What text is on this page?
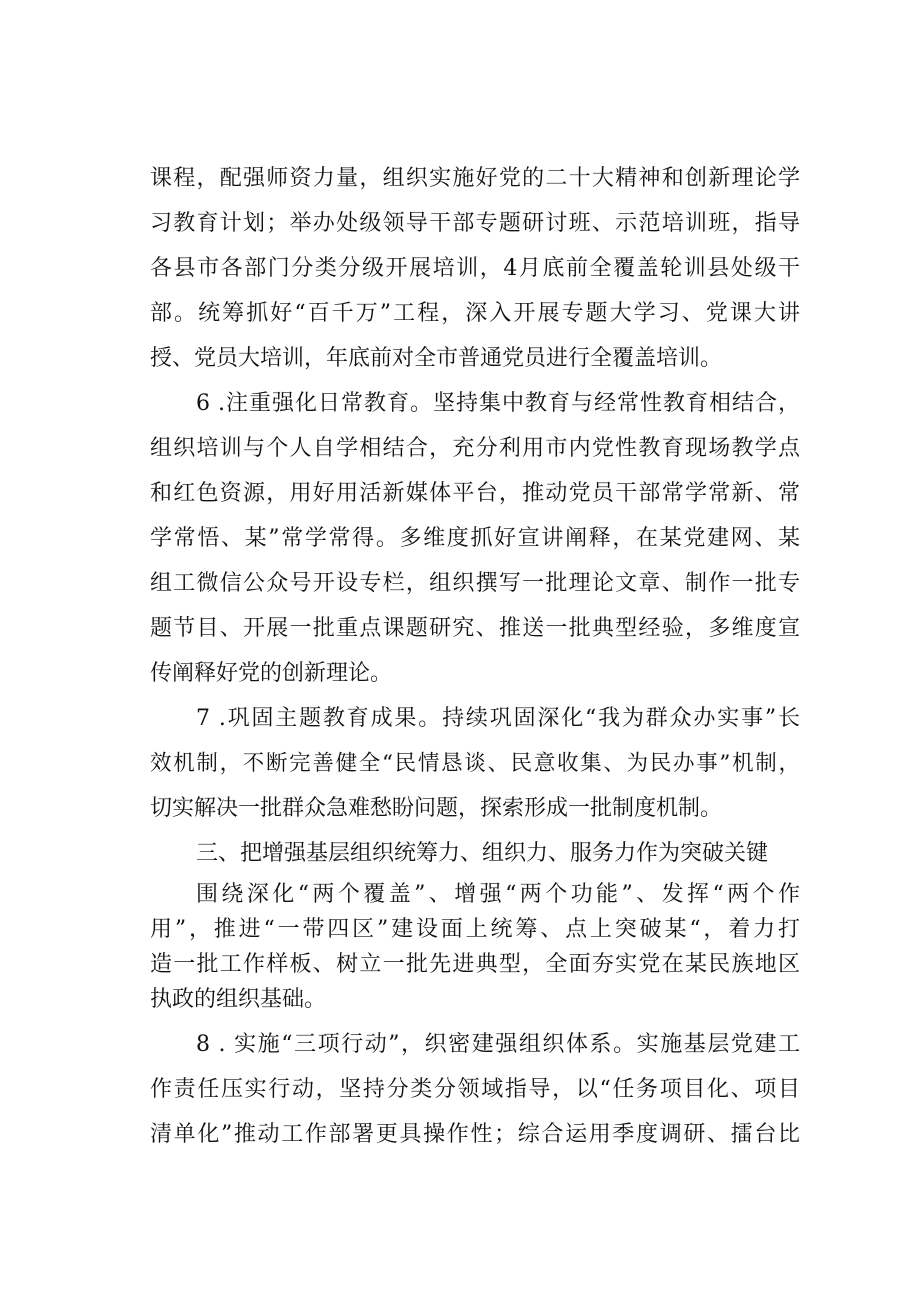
课程，配强师资力量，组织实施好党的二十大精神和创新理论学
习教育计划；举办处级领导干部专题研讨班、示范培训班，指导
各县市各部门分类分级开展培训，4月底前全覆盖轮训县处级干
部。统筹抓好“百千万”工程，深入开展专题大学习、党课大讲
授、党员大培训，年底前对全市普通党员进行全覆盖培训。
6 .注重强化日常教育。坚持集中教育与经常性教育相结合，
组织培训与个人自学相结合，充分利用市内党性教育现场教学点
和红色资源，用好用活新媒体平台，推动党员干部常学常新、常
学常悟、某”常学常得。多维度抓好宣讲阐释，在某党建网、某
组工微信公众号开设专栏，组织撰写一批理论文章、制作一批专
题节目、开展一批重点课题研究、推送一批典型经验，多维度宣
传阐释好党的创新理论。
7 .巩固主题教育成果。持续巩固深化“我为群众办实事”长
效机制，不断完善健全“民情恳谈、民意收集、为民办事”机制，
切实解决一批群众急难愁盼问题，探索形成一批制度机制。
三、把增强基层组织统筹力、组织力、服务力作为突破关键
围绕深化“两个覆盖”、增强“两个功能”、发挥“两个作
用”，推进“一带四区”建设面上统筹、点上突破某“，着力打
造一批工作样板、树立一批先进典型，全面夯实党在某民族地区
执政的组织基础。
8 . 实施“三项行动”，织密建强组织体系。实施基层党建工
作责任压实行动，坚持分类分领域指导，以“任务项目化、项目
清单化”推动工作部署更具操作性；综合运用季度调研、擂台比
